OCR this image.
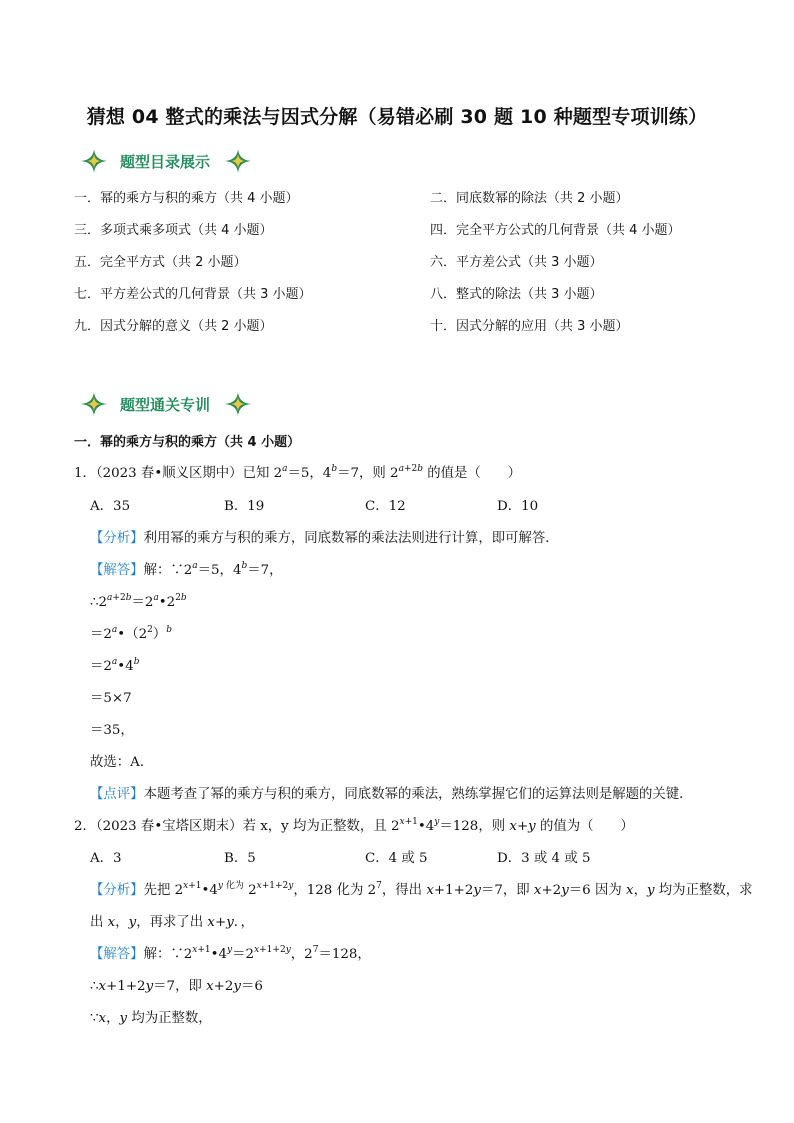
猜想 04 整式的乘法与因式分解（易错必刷 30 题 10 种题型专项训练）
题型目录展示
一．幂的乘方与积的乘方（共 4 小题）	二．同底数幂的除法（共 2 小题）
三．多项式乘多项式（共 4 小题）	四．完全平方公式的几何背景（共 4 小题）
五．完全平方式（共 2 小题）	六．平方差公式（共 3 小题）
七．平方差公式的几何背景（共 3 小题）	八．整式的除法（共 3 小题）
九．因式分解的意义（共 2 小题）	十．因式分解的应用（共 3 小题）
题型通关专训
一．幂的乘方与积的乘方（共 4 小题）
1．（2023 春•顺义区期中）已知 $2^a=5$，$4^b=7$，则 $2^{a+2b}$ 的值是（　　）
A．35	B．19	C．12	D．10
【分析】利用幂的乘方与积的乘方，同底数幂的乘法法则进行计算，即可解答．
【解答】解：$\because 2^a=5$，$4^b=7$，
$\therefore 2^{a+2b}=2^a•2^{2b}$
$=2^a•(2^2)^b$
$=2^a•4^b$
＝5×7
＝35，
故选：A．
【点评】本题考查了幂的乘方与积的乘方，同底数幂的乘法，熟练掌握它们的运算法则是解题的关键．
2．（2023 春•宝塔区期末）若 x，y 均为正整数，且 $2^{x+1}•4^y=128$，则 x+y 的值为（　　）
A．3	B．5	C．4 或 5	D．3 或 4 或 5
【分析】先把 $2^{x+1}•4^{y 化为}$ $2^{x+1+2y}$，128 化为 $2^7$，得出 x+1+2y＝7，即 x+2y＝6 因为 x，y 均为正整数，求
出 x，y，再求了出 x+y．，
【解答】解：$\because 2^{x+1}•4^y=2^{x+1+2y}$，$2^7=128$，
∴x+1+2y＝7，即 x+2y＝6
∵x，y 均为正整数，
